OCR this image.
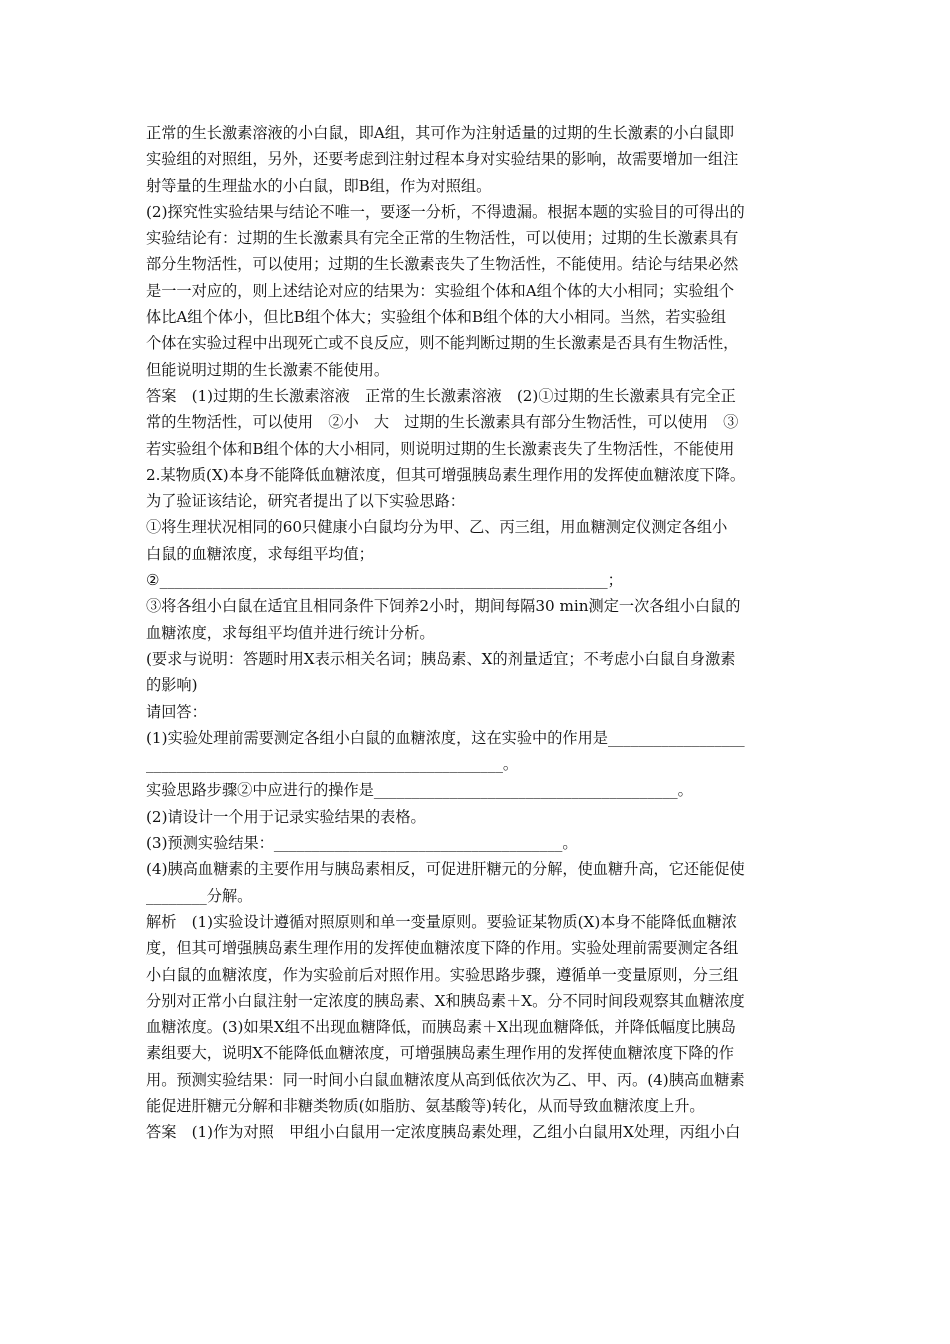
正常的生长激素溶液的小白鼠，即A组，其可作为注射适量的过期的生长激素的小白鼠即
实验组的对照组，另外，还要考虑到注射过程本身对实验结果的影响，故需要增加一组注
射等量的生理盐水的小白鼠，即B组，作为对照组。
(2)探究性实验结果与结论不唯一，要逐一分析，不得遗漏。根据本题的实验目的可得出的
实验结论有：过期的生长激素具有完全正常的生物活性，可以使用；过期的生长激素具有
部分生物活性，可以使用；过期的生长激素丧失了生物活性，不能使用。结论与结果必然
是一一对应的，则上述结论对应的结果为：实验组个体和A组个体的大小相同；实验组个
体比A组个体小，但比B组个体大；实验组个体和B组个体的大小相同。当然，若实验组
个体在实验过程中出现死亡或不良反应，则不能判断过期的生长激素是否具有生物活性，
但能说明过期的生长激素不能使用。
答案　(1)过期的生长激素溶液　正常的生长激素溶液　(2)①过期的生长激素具有完全正
常的生物活性，可以使用　②小　大　过期的生长激素具有部分生物活性，可以使用　③
若实验组个体和B组个体的大小相同，则说明过期的生长激素丧失了生物活性，不能使用
2.某物质(X)本身不能降低血糖浓度，但其可增强胰岛素生理作用的发挥使血糖浓度下降。
为了验证该结论，研究者提出了以下实验思路：
①将生理状况相同的60只健康小白鼠均分为甲、乙、丙三组，用血糖测定仪测定各组小
白鼠的血糖浓度，求每组平均值；
②___________________________________________________________；
③将各组小白鼠在适宜且相同条件下饲养2小时，期间每隔30 min测定一次各组小白鼠的
血糖浓度，求每组平均值并进行统计分析。
(要求与说明：答题时用X表示相关名词；胰岛素、X的剂量适宜；不考虑小白鼠自身激素
的影响)
请回答：
(1)实验处理前需要测定各组小白鼠的血糖浓度，这在实验中的作用是__________________
_______________________________________________。
实验思路步骤②中应进行的操作是________________________________________。
(2)请设计一个用于记录实验结果的表格。
(3)预测实验结果：______________________________________。
(4)胰高血糖素的主要作用与胰岛素相反，可促进肝糖元的分解，使血糖升高，它还能促使
________分解。
解析　(1)实验设计遵循对照原则和单一变量原则。要验证某物质(X)本身不能降低血糖浓
度，但其可增强胰岛素生理作用的发挥使血糖浓度下降的作用。实验处理前需要测定各组
小白鼠的血糖浓度，作为实验前后对照作用。实验思路步骤，遵循单一变量原则，分三组
分别对正常小白鼠注射一定浓度的胰岛素、X和胰岛素＋X。分不同时间段观察其血糖浓度
血糖浓度。(3)如果X组不出现血糖降低，而胰岛素＋X出现血糖降低，并降低幅度比胰岛
素组要大，说明X不能降低血糖浓度，可增强胰岛素生理作用的发挥使血糖浓度下降的作
用。预测实验结果：同一时间小白鼠血糖浓度从高到低依次为乙、甲、丙。(4)胰高血糖素
能促进肝糖元分解和非糖类物质(如脂肪、氨基酸等)转化，从而导致血糖浓度上升。
答案　(1)作为对照　甲组小白鼠用一定浓度胰岛素处理，乙组小白鼠用X处理，丙组小白
